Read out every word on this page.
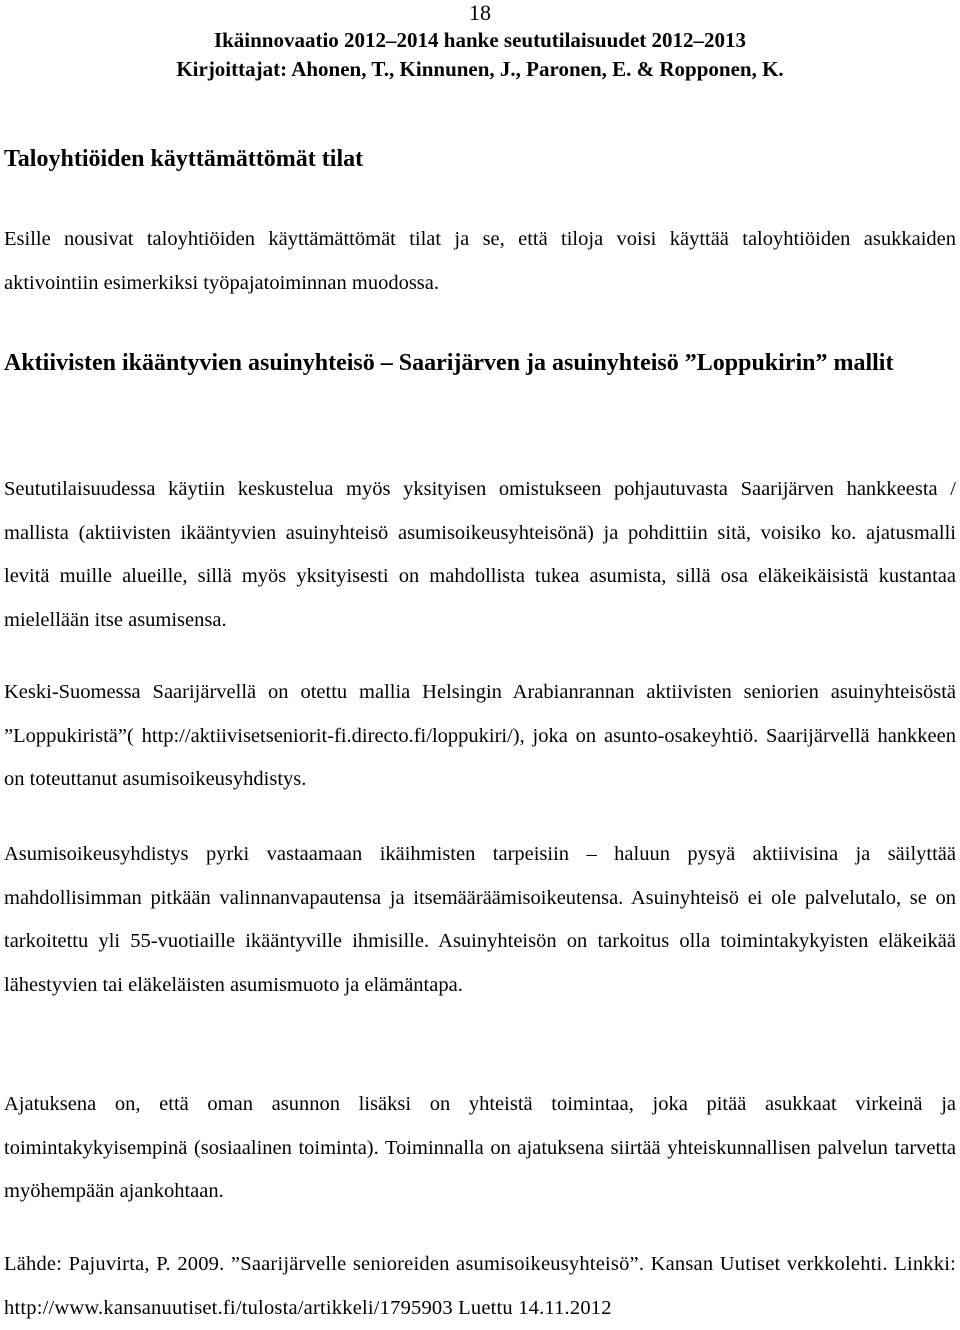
18
Ikäinnovaatio 2012–2014 hanke seututilaisuudet 2012–2013
Kirjoittajat: Ahonen, T., Kinnunen, J., Paronen, E. & Ropponen, K.
Taloyhtiöiden käyttämättömät tilat

Esille nousivat taloyhtiöiden käyttämättömät tilat ja se, että tiloja voisi käyttää taloyhtiöiden asukkaiden aktivointiin esimerkiksi työpajatoiminnan muodossa.

Aktiivisten ikääntyvien asuinyhteisö – Saarijärven ja asuinyhteisö ”Loppukirin” mallit

Seututilaisuudessa käytiin keskustelua myös yksityisen omistukseen pohjautuvasta Saarijärven hankkeesta / mallista (aktiivisten ikääntyvien asuinyhteisö asumisoikeusyhteisönä) ja pohdittiin sitä, voisiko ko. ajatusmalli levitä muille alueille, sillä myös yksityisesti on mahdollista tukea asumista, sillä osa eläkeikäisistä kustantaa mielellään itse asumisensa.

Keski-Suomessa Saarijärvellä on otettu mallia Helsingin Arabianrannan aktiivisten seniorien asuinyhteisöstä ”Loppukiristä”( http://aktiivisetseniorit-fi.directo.fi/loppukiri/), joka on asunto-osakeyhtiö. Saarijärvellä hankkeen on toteuttanut asumisoikeusyhdistys.

Asumisoikeusyhdistys pyrki vastaamaan ikäihmisten tarpeisiin – haluun pysyä aktiivisina ja säilyttää mahdollisimman pitkään valinnanvapautensa ja itsemääräämisoikeutensa. Asuinyhteisö ei ole palvelutalo, se on tarkoitettu yli 55-vuotiaille ikääntyville ihmisille. Asuinyhteisön on tarkoitus olla toimintakykyisten eläkeikää lähestyvien tai eläkeläisten asumismuoto ja elämäntapa.

Ajatuksena on, että oman asunnon lisäksi on yhteistä toimintaa, joka pitää asukkaat virkeinä ja toimintakykyisempinä (sosiaalinen toiminta). Toiminnalla on ajatuksena siirtää yhteiskunnallisen palvelun tarvetta myöhempään ajankohtaan.

Lähde: Pajuvirta, P. 2009. ”Saarijärvelle senioreiden asumisoikeusyhteisö”. Kansan Uutiset verkkolehti. Linkki: http://www.kansanuutiset.fi/tulosta/artikkeli/1795903 Luettu 14.11.2012
